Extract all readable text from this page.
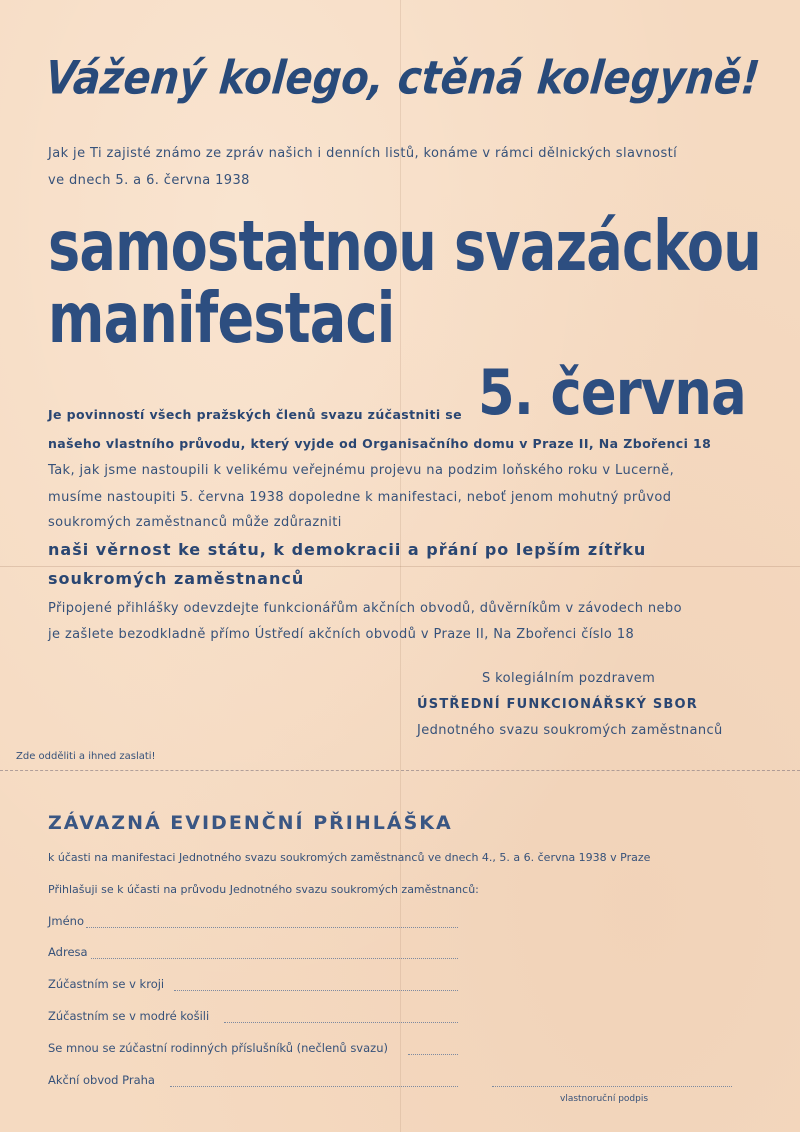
Vážený kolego, ctěná kolegyně!
Jak je Ti zajisté známo ze zpráv našich i denních listů, konáme v rámci dělnických slavností
ve dnech 5. a 6. června 1938
samostatnou svazáckou
manifestaci
Je povinností všech pražských členů svazu zúčastniti se 5. června
našeho vlastního průvodu, který vyjde od Organisačního domu v Praze II, Na Zbořenci 18
Tak, jak jsme nastoupili k velikému veřejnému projevu na podzim loňského roku v Lucerně,
musíme nastoupiti 5. června 1938 dopoledne k manifestaci, neboť jenom mohutný průvod
soukromých zaměstnanců může zdůrazniti
naši věrnost ke státu, k demokracii a přání po lepším zítřku
soukromých zaměstnanců
Připojené přihlášky odevzdejte funkcionářům akčních obvodů, důvěrníkům v závodech nebo
je zašlete bezodkladně přímo Ústředí akčních obvodů v Praze II, Na Zbořenci číslo 18
S kolegiálním pozdravem
ÚSTŘEDNÍ FUNKCIONÁŘSKÝ SBOR
Jednotného svazu soukromých zaměstnanců
Zde odděliti a ihned zaslati!
ZÁVAZNÁ EVIDENČNÍ PŘIHLÁŠKA
k účasti na manifestaci Jednotného svazu soukromých zaměstnanců ve dnech 4., 5. a 6. června 1938 v Praze
Přihlašuji se k účasti na průvodu Jednotného svazu soukromých zaměstnanců:
Jméno
Adresa
Zúčastním se v kroji
Zúčastním se v modré košili
Se mnou se zúčastní rodinných příslušníků (nečlenů svazu)
Akční obvod Praha
vlastnoruční podpis
